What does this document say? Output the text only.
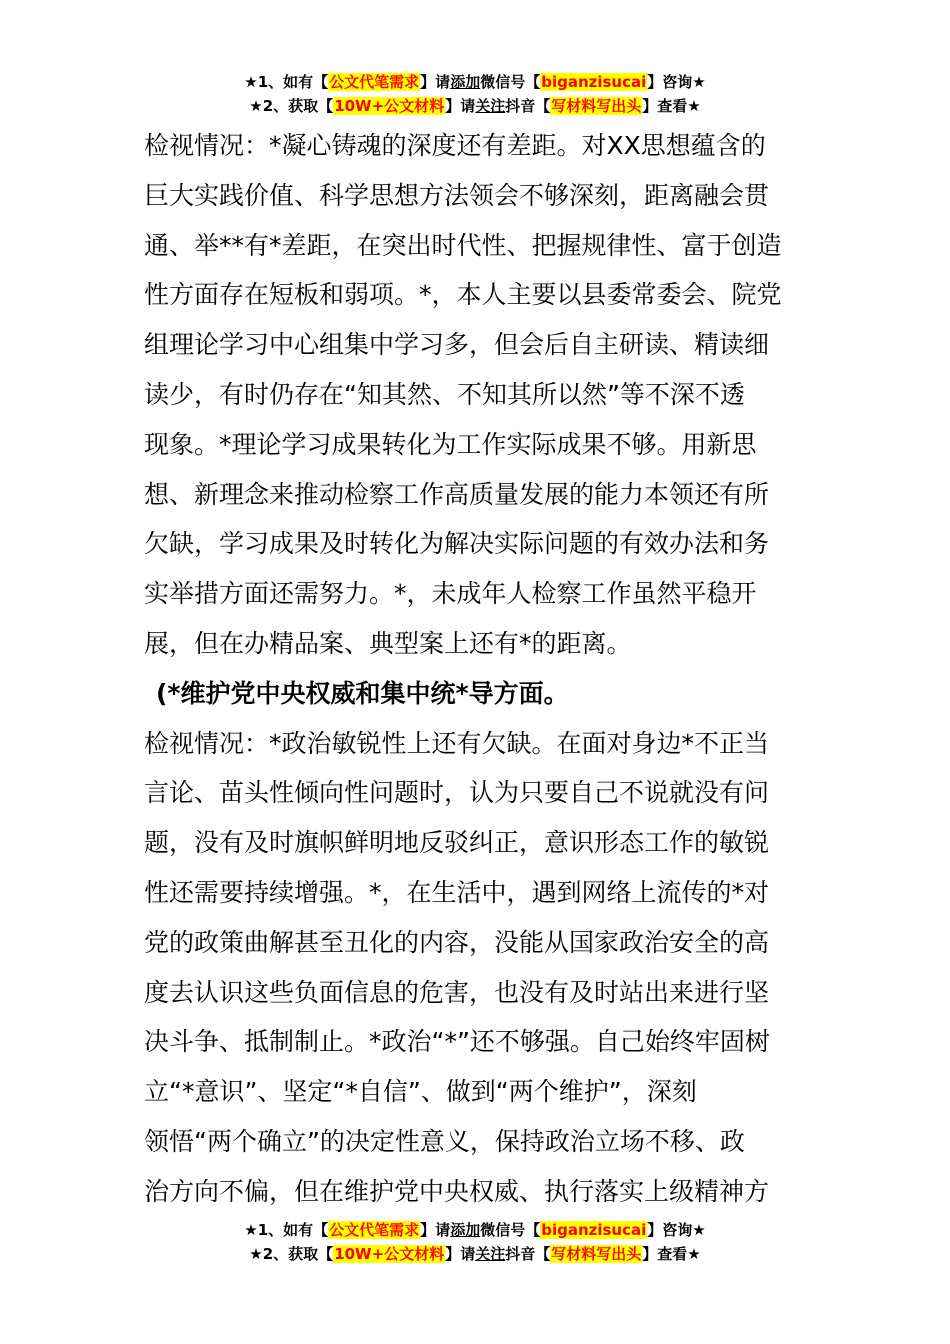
★1、如有【公文代笔需求】请添加微信号【biganzisucai】咨询★
★2、获取【10W+公文材料】请关注抖音【写材料写出头】查看★
检视情况：*凝心铸魂的深度还有差距。对XX思想蕴含的
巨大实践价值、科学思想方法领会不够深刻，距离融会贯
通、举**有*差距，在突出时代性、把握规律性、富于创造
性方面存在短板和弱项。*，本人主要以县委常委会、院党
组理论学习中心组集中学习多，但会后自主研读、精读细
读少，有时仍存在“知其然、不知其所以然”等不深不透
现象。*理论学习成果转化为工作实际成果不够。用新思
想、新理念来推动检察工作高质量发展的能力本领还有所
欠缺，学习成果及时转化为解决实际问题的有效办法和务
实举措方面还需努力。*，未成年人检察工作虽然平稳开
展，但在办精品案、典型案上还有*的距离。
(*维护党中央权威和集中统*导方面。
检视情况：*政治敏锐性上还有欠缺。在面对身边*不正当
言论、苗头性倾向性问题时，认为只要自己不说就没有问
题，没有及时旗帜鲜明地反驳纠正，意识形态工作的敏锐
性还需要持续增强。*，在生活中，遇到网络上流传的*对
党的政策曲解甚至丑化的内容，没能从国家政治安全的高
度去认识这些负面信息的危害，也没有及时站出来进行坚
决斗争、抵制制止。*政治“*”还不够强。自己始终牢固树
立“*意识”、坚定“*自信”、做到“两个维护”，深刻
领悟“两个确立”的决定性意义，保持政治立场不移、政
治方向不偏，但在维护党中央权威、执行落实上级精神方
★1、如有【公文代笔需求】请添加微信号【biganzisucai】咨询★
★2、获取【10W+公文材料】请关注抖音【写材料写出头】查看★
